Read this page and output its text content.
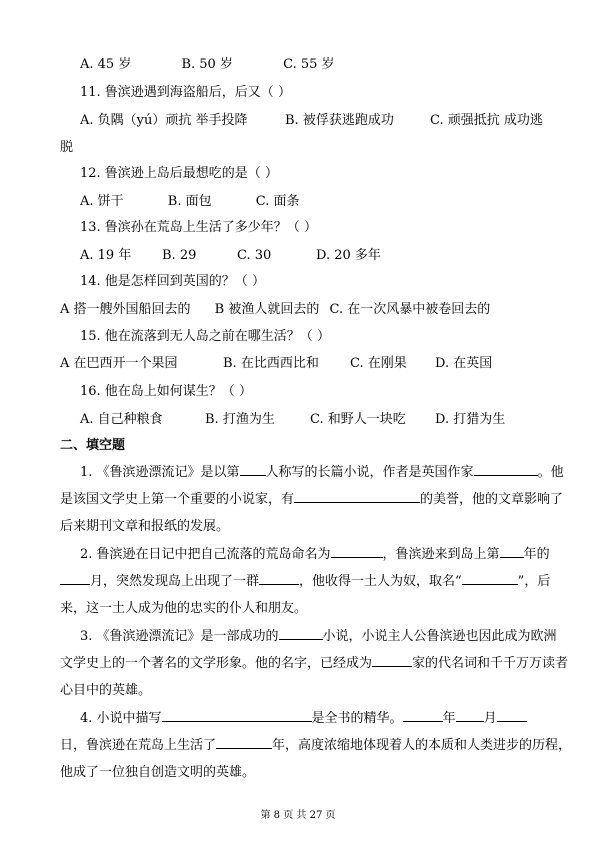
A. 45 岁	B. 50 岁	C. 55 岁
11. 鲁滨逊遇到海盗船后，后又（ ）
A. 负隅（yú）顽抗 举手投降	B. 被俘获逃跑成功	C. 顽强抵抗 成功逃
脱
12. 鲁滨逊上岛后最想吃的是（ ）
A. 饼干	B. 面包	C. 面条
13. 鲁滨孙在荒岛上生活了多少年？（ ）
A. 19 年 B. 29	C. 30	D. 20 多年
14. 他是怎样回到英国的？（ ）
A 搭一艘外国船回去的 B 被渔人就回去的 C. 在一次风暴中被卷回去的
15. 他在流落到无人岛之前在哪生活？（ ）
A 在巴西开一个果园	B. 在比西西比和 C. 在刚果 D. 在英国
16. 他在岛上如何谋生？（ ）
A. 自己种粮食	B. 打渔为生	C. 和野人一块吃 D. 打猎为生
二、填空题
1. 《鲁滨逊漂流记》是以第 人称写的长篇小说，作者是英国作家	。他
是该国文学史上第一个重要的小说家，有	的美誉，他的文章影响了
后来期刊文章和报纸的发展。
2. 鲁滨逊在日记中把自己流落的荒岛命名为	，鲁滨逊来到岛上第 年的
月，突然发现岛上出现了一群	，他收得一土人为奴，取名“	”，后
来，这一土人成为他的忠实的仆人和朋友。
3. 《鲁滨逊漂流记》是一部成功的	小说，小说主人公鲁滨逊也因此成为欧洲
文学史上的一个著名的文学形象。他的名字，已经成为	家的代名词和千千万万读者
心目中的英雄。
4. 小说中描写	是全书的精华。	年 月
日，鲁滨逊在荒岛上生活了	年，高度浓缩地体现着人的本质和人类进步的历程，
他成了一位独自创造文明的英雄。
第 8 页 共 27 页
